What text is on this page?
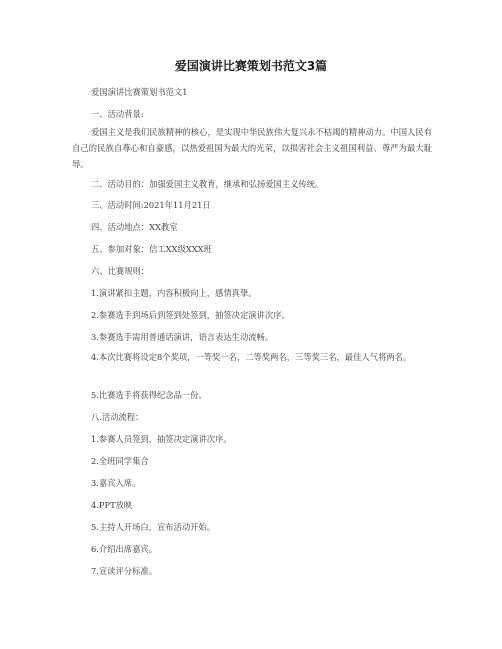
爱国演讲比赛策划书范文3篇
爱国演讲比赛策划书范文1
一、活动背景:
爱国主义是我们民族精神的核心，是实现中华民族伟大复兴永不枯竭的精神动力。中国人民有自己的民族自尊心和自豪感，以热爱祖国为最大的光荣，以损害社会主义祖国利益、尊严为最大耻辱。
二、活动目的：加强爱国主义教育，继承和弘扬爱国主义传统。
三、活动时间:2021年11月21日
四、活动地点：XX教室
五、参加对象：信工XX级XXX班
六、比赛规则：
1.演讲紧扣主题，内容积极向上，感情真挚。
2.参赛选手到场后到签到处签到，抽签决定演讲次序。
3.参赛选手需用普通话演讲，语言表达生动流畅。
4.本次比赛将设定8个奖项，一等奖一名，二等奖两名，三等奖三名，最佳人气将两名。
5.比赛选手将获得纪念品一份。
八.活动流程：
1.参赛人员签到，抽签决定演讲次序。
2.全班同学集合
3.嘉宾入席。
4.PPT放映
5.主持人开场白，宣布活动开始。
6.介绍出席嘉宾。
7.宣读评分标准。
